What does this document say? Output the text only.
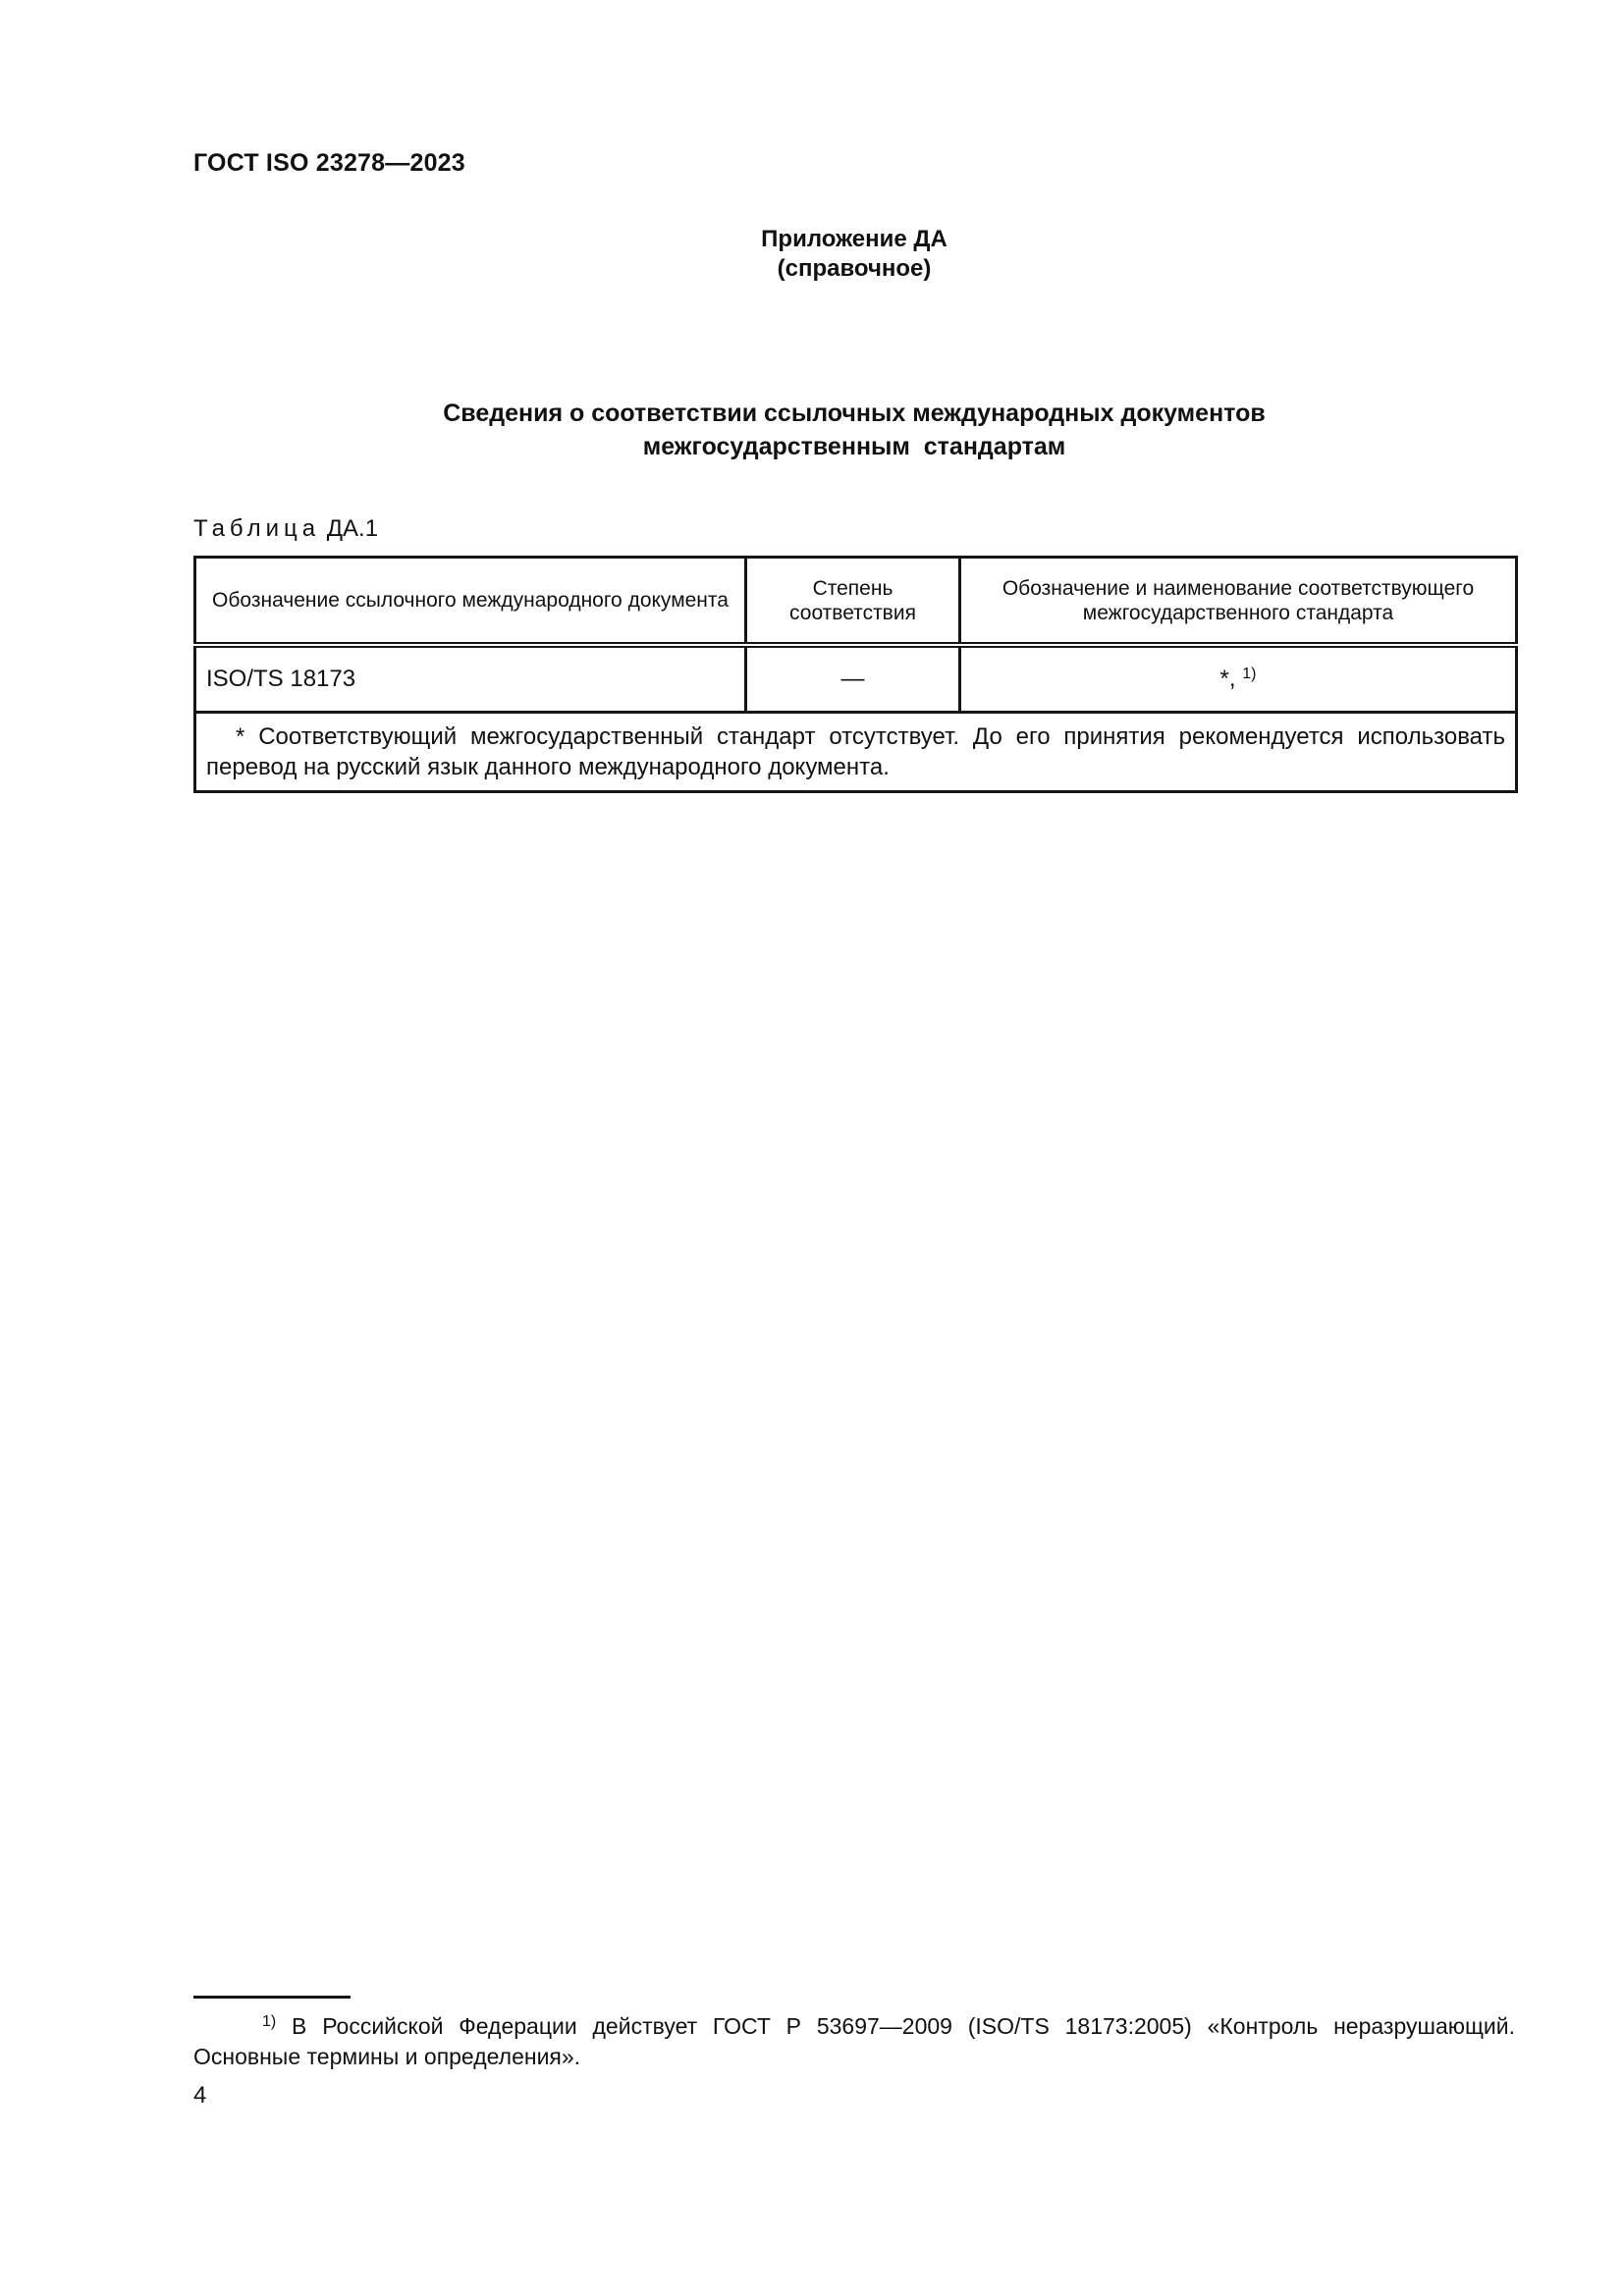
ГОСТ ISO 23278—2023
Приложение ДА
(справочное)
Сведения о соответствии ссылочных международных документов
межгосударственным  стандартам
Таблица ДА.1
Обозначение ссылочного международного документа	Степень соответствия	Обозначение и наименование соответствующего межгосударственного стандарта
ISO/TS 18173	—	*, $^{1)}$
* Соответствующий межгосударственный стандарт отсутствует. До его принятия рекомендуется использовать перевод на русский язык данного международного документа.		
$^{1)}$ В Российской Федерации действует ГОСТ Р 53697—2009 (ISO/TS 18173:2005) «Контроль неразрушающий. Основные термины и определения».
4
